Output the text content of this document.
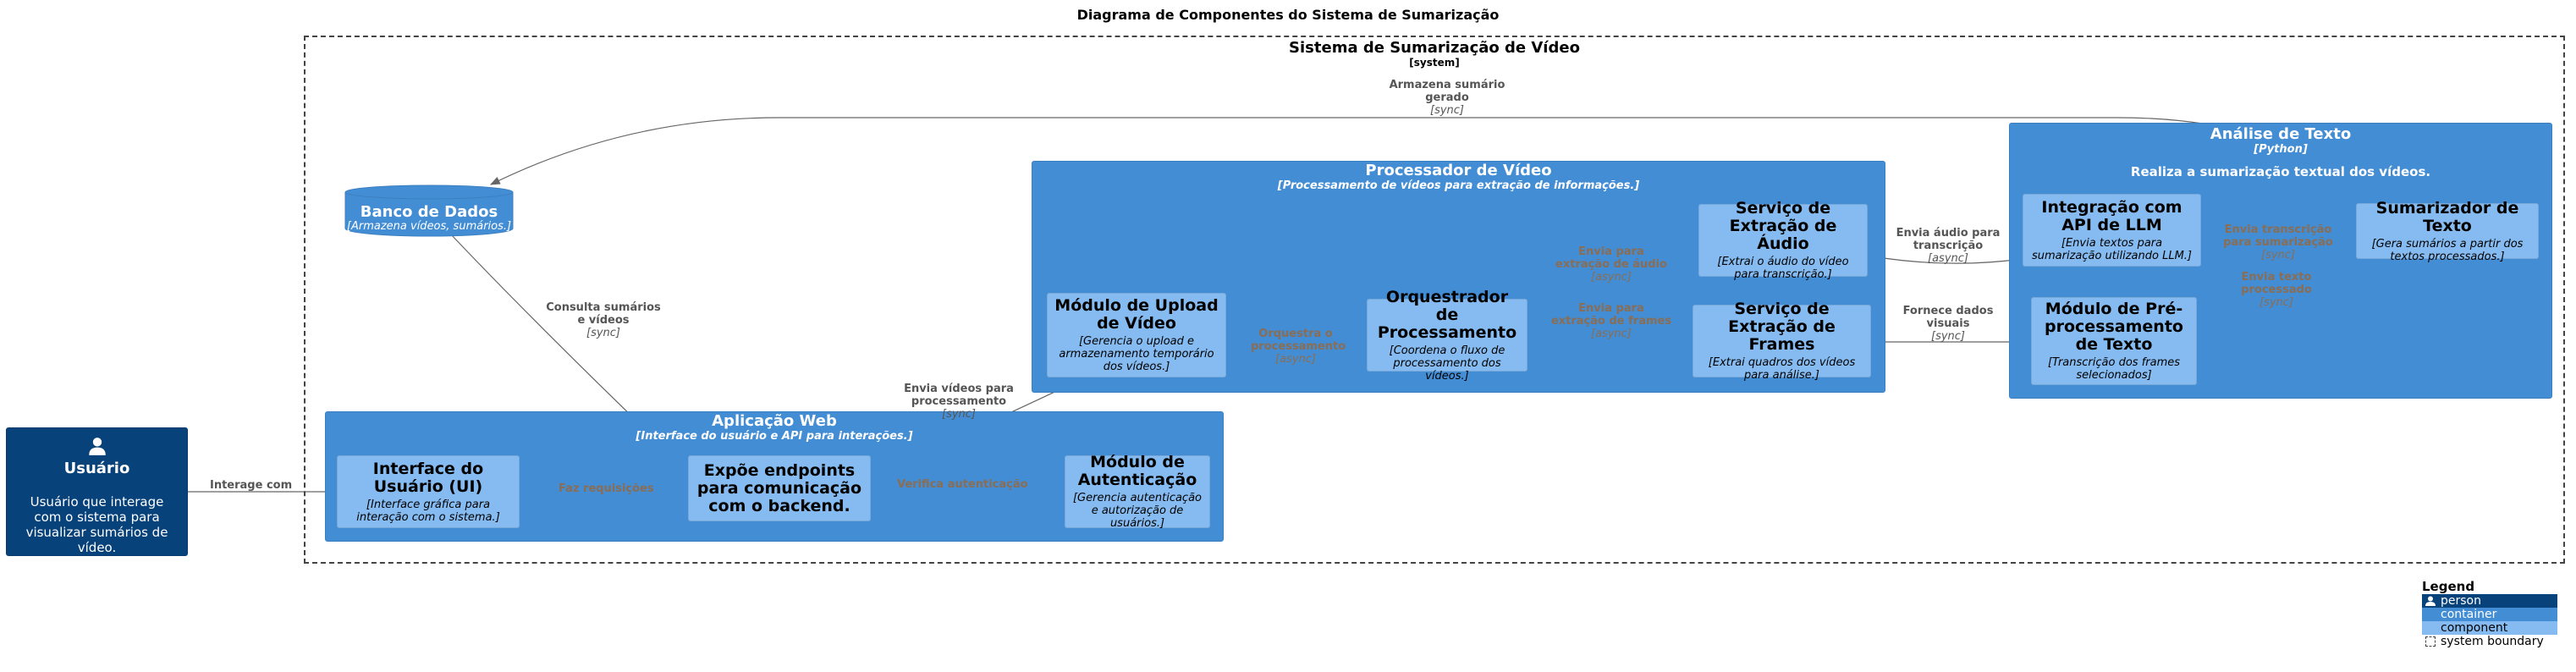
Diagrama de Componentes do Sistema de Sumarização
Sistema de Sumarização de Vídeo
[system]
Usuário
Usuário que interage com o sistema para visualizar sumários de vídeo.
Banco de Dados
[Armazena vídeos, sumários.]
Aplicação Web
[Interface do usuário e API para interações.]
Interface do Usuário (UI)
[Interface gráfica para interação com o sistema.]
Expõe endpoints para comunicação com o backend.
Módulo de Autenticação
[Gerencia autenticação e autorização de usuários.]
Processador de Vídeo
[Processamento de vídeos para extração de informações.]
Módulo de Upload de Vídeo
[Gerencia o upload e armazenamento temporário dos vídeos.]
Orquestrador de Processamento
[Coordena o fluxo de processamento dos vídeos.]
Serviço de Extração de Áudio
[Extrai o áudio do vídeo para transcrição.]
Serviço de Extração de Frames
[Extrai quadros dos vídeos para análise.]
Análise de Texto
[Python]
Realiza a sumarização textual dos vídeos.
Integração com API de LLM
[Envia textos para sumarização utilizando LLM.]
Módulo de Pré-processamento de Texto
[Transcrição dos frames selecionados]
Sumarizador de Texto
[Gera sumários a partir dos textos processados.]
Interage com	Faz requisições	Verifica autenticação
Envia vídeos para processamento
[sync]
Consulta sumários e vídeos
[sync]	Orquestra o processamento
[async]
Envia para extração de áudio
[async]
Envia para extração de frames
[async]
Envia áudio para transcrição
[async]
Fornece dados visuais
[sync]
Envia transcrição para sumarização
[sync]
Envia texto processado
[sync]
Armazena sumário gerado
[sync]
Legend
person
container
component
system boundary
